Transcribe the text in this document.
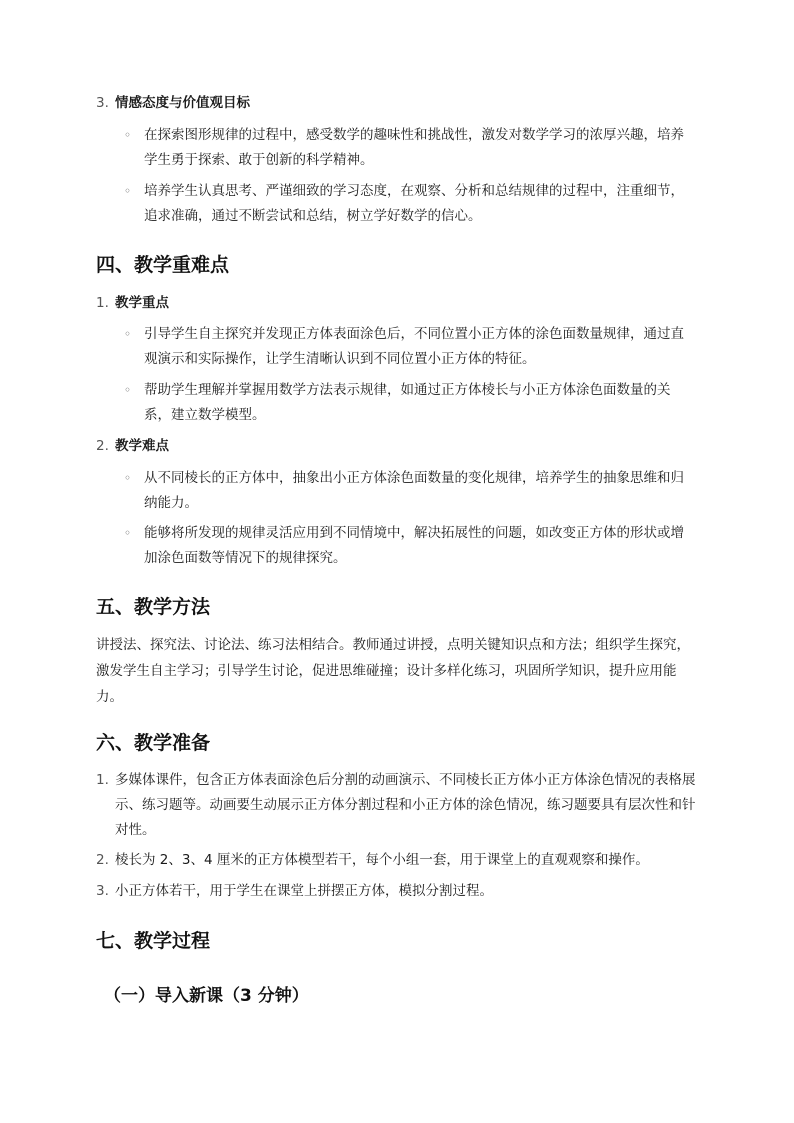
3. 情感态度与价值观目标
◦ 在探索图形规律的过程中，感受数学的趣味性和挑战性，激发对数学学习的浓厚兴趣，培养学生勇于探索、敢于创新的科学精神。
◦ 培养学生认真思考、严谨细致的学习态度，在观察、分析和总结规律的过程中，注重细节，追求准确，通过不断尝试和总结，树立学好数学的信心。
四、教学重难点
1. 教学重点
◦ 引导学生自主探究并发现正方体表面涂色后，不同位置小正方体的涂色面数量规律，通过直观演示和实际操作，让学生清晰认识到不同位置小正方体的特征。
◦ 帮助学生理解并掌握用数学方法表示规律，如通过正方体棱长与小正方体涂色面数量的关系，建立数学模型。
2. 教学难点
◦ 从不同棱长的正方体中，抽象出小正方体涂色面数量的变化规律，培养学生的抽象思维和归纳能力。
◦ 能够将所发现的规律灵活应用到不同情境中，解决拓展性的问题，如改变正方体的形状或增加涂色面数等情况下的规律探究。
五、教学方法
讲授法、探究法、讨论法、练习法相结合。教师通过讲授，点明关键知识点和方法；组织学生探究，激发学生自主学习；引导学生讨论，促进思维碰撞；设计多样化练习，巩固所学知识，提升应用能力。
六、教学准备
1. 多媒体课件，包含正方体表面涂色后分割的动画演示、不同棱长正方体小正方体涂色情况的表格展示、练习题等。动画要生动展示正方体分割过程和小正方体的涂色情况，练习题要具有层次性和针对性。
2. 棱长为 2、3、4 厘米的正方体模型若干，每个小组一套，用于课堂上的直观观察和操作。
3. 小正方体若干，用于学生在课堂上拼摆正方体，模拟分割过程。
七、教学过程
（一）导入新课（3 分钟）
